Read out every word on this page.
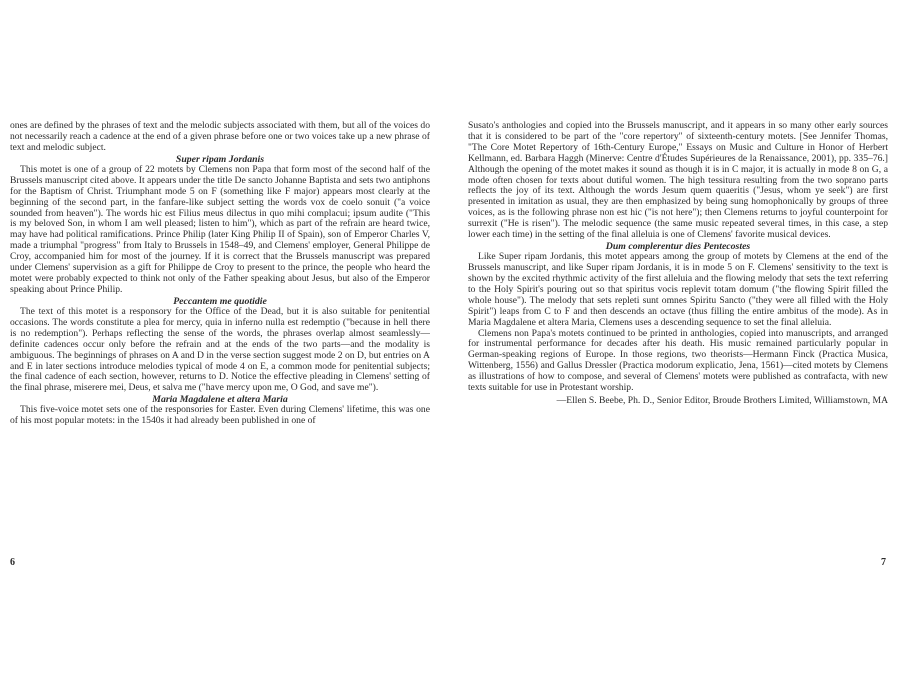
ones are defined by the phrases of text and the melodic subjects associated with them, but all of the voices do not necessarily reach a cadence at the end of a given phrase before one or two voices take up a new phrase of text and melodic subject.

Super ripam Jordanis

This motet is one of a group of 22 motets by Clemens non Papa that form most of the second half of the Brussels manuscript cited above. It appears under the title De sancto Johanne Baptista and sets two antiphons for the Baptism of Christ. Triumphant mode 5 on F (something like F major) appears most clearly at the beginning of the second part, in the fanfare-like subject setting the words vox de coelo sonuit ("a voice sounded from heaven"). The words hic est Filius meus dilectus in quo mihi complacui; ipsum audite ("This is my beloved Son, in whom I am well pleased; listen to him"), which as part of the refrain are heard twice, may have had political ramifications. Prince Philip (later King Philip II of Spain), son of Emperor Charles V, made a triumphal "progress" from Italy to Brussels in 1548–49, and Clemens' employer, General Philippe de Croy, accompanied him for most of the journey. If it is correct that the Brussels manuscript was prepared under Clemens' supervision as a gift for Philippe de Croy to present to the prince, the people who heard the motet were probably expected to think not only of the Father speaking about Jesus, but also of the Emperor speaking about Prince Philip.

Peccantem me quotidie

The text of this motet is a responsory for the Office of the Dead, but it is also suitable for penitential occasions. The words constitute a plea for mercy, quia in inferno nulla est redemptio ("because in hell there is no redemption"). Perhaps reflecting the sense of the words, the phrases overlap almost seamlessly—definite cadences occur only before the refrain and at the ends of the two parts—and the modality is ambiguous. The beginnings of phrases on A and D in the verse section suggest mode 2 on D, but entries on A and E in later sections introduce melodies typical of mode 4 on E, a common mode for penitential subjects; the final cadence of each section, however, returns to D. Notice the effective pleading in Clemens' setting of the final phrase, miserere mei, Deus, et salva me ("have mercy upon me, O God, and save me").

Maria Magdalene et altera Maria

This five-voice motet sets one of the responsories for Easter. Even during Clemens' lifetime, this was one of his most popular motets: in the 1540s it had already been published in one of

6

Susato's anthologies and copied into the Brussels manuscript, and it appears in so many other early sources that it is considered to be part of the "core repertory" of sixteenth-century motets. [See Jennifer Thomas, "The Core Motet Repertory of 16th-Century Europe," Essays on Music and Culture in Honor of Herbert Kellmann, ed. Barbara Haggh (Minerve: Centre d'Études Supérieures de la Renaissance, 2001), pp. 335–76.] Although the opening of the motet makes it sound as though it is in C major, it is actually in mode 8 on G, a mode often chosen for texts about dutiful women. The high tessitura resulting from the two soprano parts reflects the joy of its text. Although the words Jesum quem quaeritis ("Jesus, whom ye seek") are first presented in imitation as usual, they are then emphasized by being sung homophonically by groups of three voices, as is the following phrase non est hic ("is not here"); then Clemens returns to joyful counterpoint for surrexit ("He is risen"). The melodic sequence (the same music repeated several times, in this case, a step lower each time) in the setting of the final alleluia is one of Clemens' favorite musical devices.

Dum complerentur dies Pentecostes

Like Super ripam Jordanis, this motet appears among the group of motets by Clemens at the end of the Brussels manuscript, and like Super ripam Jordanis, it is in mode 5 on F. Clemens' sensitivity to the text is shown by the excited rhythmic activity of the first alleluia and the flowing melody that sets the text referring to the Holy Spirit's pouring out so that spiritus vocis replevit totam domum ("the flowing Spirit filled the whole house"). The melody that sets repleti sunt omnes Spiritu Sancto ("they were all filled with the Holy Spirit") leaps from C to F and then descends an octave (thus filling the entire ambitus of the mode). As in Maria Magdalene et altera Maria, Clemens uses a descending sequence to set the final alleluia.

Clemens non Papa's motets continued to be printed in anthologies, copied into manuscripts, and arranged for instrumental performance for decades after his death. His music remained particularly popular in German-speaking regions of Europe. In those regions, two theorists—Hermann Finck (Practica Musica, Wittenberg, 1556) and Gallus Dressler (Practica modorum explicatio, Jena, 1561)—cited motets by Clemens as illustrations of how to compose, and several of Clemens' motets were published as contrafacta, with new texts suitable for use in Protestant worship.

—Ellen S. Beebe, Ph. D., Senior Editor, Broude Brothers Limited, Williamstown, MA

7
